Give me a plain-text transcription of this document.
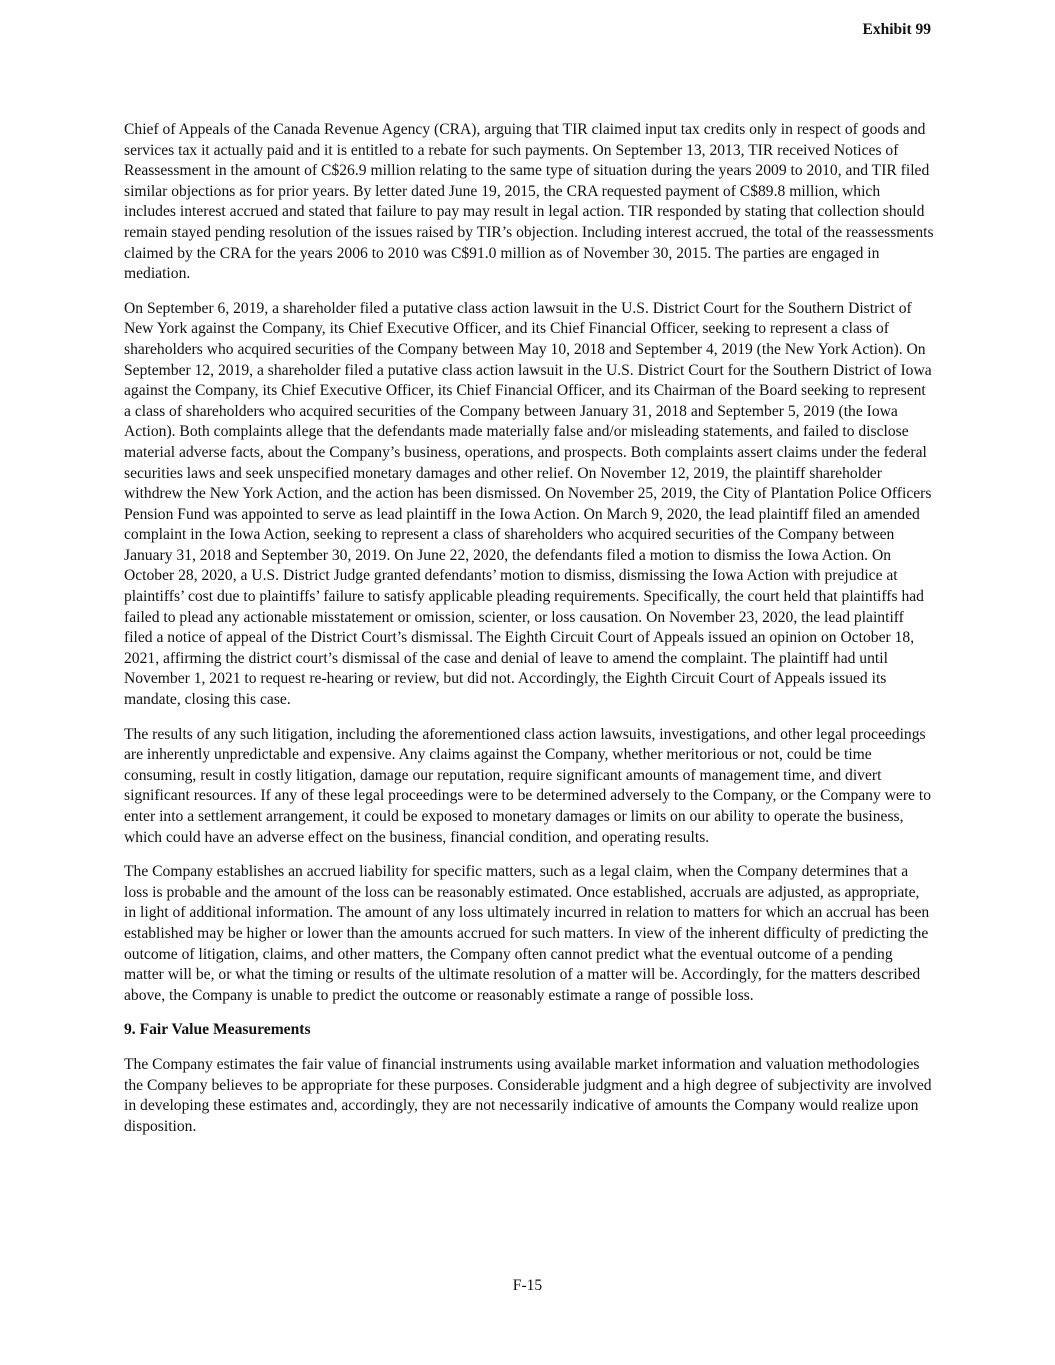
Exhibit 99

Chief of Appeals of the Canada Revenue Agency (CRA), arguing that TIR claimed input tax credits only in respect of goods and services tax it actually paid and it is entitled to a rebate for such payments. On September 13, 2013, TIR received Notices of Reassessment in the amount of C$26.9 million relating to the same type of situation during the years 2009 to 2010, and TIR filed similar objections as for prior years. By letter dated June 19, 2015, the CRA requested payment of C$89.8 million, which includes interest accrued and stated that failure to pay may result in legal action. TIR responded by stating that collection should remain stayed pending resolution of the issues raised by TIR’s objection. Including interest accrued, the total of the reassessments claimed by the CRA for the years 2006 to 2010 was C$91.0 million as of November 30, 2015. The parties are engaged in mediation.

On September 6, 2019, a shareholder filed a putative class action lawsuit in the U.S. District Court for the Southern District of New York against the Company, its Chief Executive Officer, and its Chief Financial Officer, seeking to represent a class of shareholders who acquired securities of the Company between May 10, 2018 and September 4, 2019 (the New York Action). On September 12, 2019, a shareholder filed a putative class action lawsuit in the U.S. District Court for the Southern District of Iowa against the Company, its Chief Executive Officer, its Chief Financial Officer, and its Chairman of the Board seeking to represent a class of shareholders who acquired securities of the Company between January 31, 2018 and September 5, 2019 (the Iowa Action). Both complaints allege that the defendants made materially false and/or misleading statements, and failed to disclose material adverse facts, about the Company’s business, operations, and prospects. Both complaints assert claims under the federal securities laws and seek unspecified monetary damages and other relief. On November 12, 2019, the plaintiff shareholder withdrew the New York Action, and the action has been dismissed. On November 25, 2019, the City of Plantation Police Officers Pension Fund was appointed to serve as lead plaintiff in the Iowa Action. On March 9, 2020, the lead plaintiff filed an amended complaint in the Iowa Action, seeking to represent a class of shareholders who acquired securities of the Company between January 31, 2018 and September 30, 2019. On June 22, 2020, the defendants filed a motion to dismiss the Iowa Action. On October 28, 2020, a U.S. District Judge granted defendants’ motion to dismiss, dismissing the Iowa Action with prejudice at plaintiffs’ cost due to plaintiffs’ failure to satisfy applicable pleading requirements. Specifically, the court held that plaintiffs had failed to plead any actionable misstatement or omission, scienter, or loss causation. On November 23, 2020, the lead plaintiff filed a notice of appeal of the District Court’s dismissal. The Eighth Circuit Court of Appeals issued an opinion on October 18, 2021, affirming the district court’s dismissal of the case and denial of leave to amend the complaint. The plaintiff had until November 1, 2021 to request re-hearing or review, but did not. Accordingly, the Eighth Circuit Court of Appeals issued its mandate, closing this case.

The results of any such litigation, including the aforementioned class action lawsuits, investigations, and other legal proceedings are inherently unpredictable and expensive. Any claims against the Company, whether meritorious or not, could be time consuming, result in costly litigation, damage our reputation, require significant amounts of management time, and divert significant resources. If any of these legal proceedings were to be determined adversely to the Company, or the Company were to enter into a settlement arrangement, it could be exposed to monetary damages or limits on our ability to operate the business, which could have an adverse effect on the business, financial condition, and operating results.

The Company establishes an accrued liability for specific matters, such as a legal claim, when the Company determines that a loss is probable and the amount of the loss can be reasonably estimated. Once established, accruals are adjusted, as appropriate, in light of additional information. The amount of any loss ultimately incurred in relation to matters for which an accrual has been established may be higher or lower than the amounts accrued for such matters. In view of the inherent difficulty of predicting the outcome of litigation, claims, and other matters, the Company often cannot predict what the eventual outcome of a pending matter will be, or what the timing or results of the ultimate resolution of a matter will be. Accordingly, for the matters described above, the Company is unable to predict the outcome or reasonably estimate a range of possible loss.

9. Fair Value Measurements

The Company estimates the fair value of financial instruments using available market information and valuation methodologies the Company believes to be appropriate for these purposes. Considerable judgment and a high degree of subjectivity are involved in developing these estimates and, accordingly, they are not necessarily indicative of amounts the Company would realize upon disposition.

F-15
